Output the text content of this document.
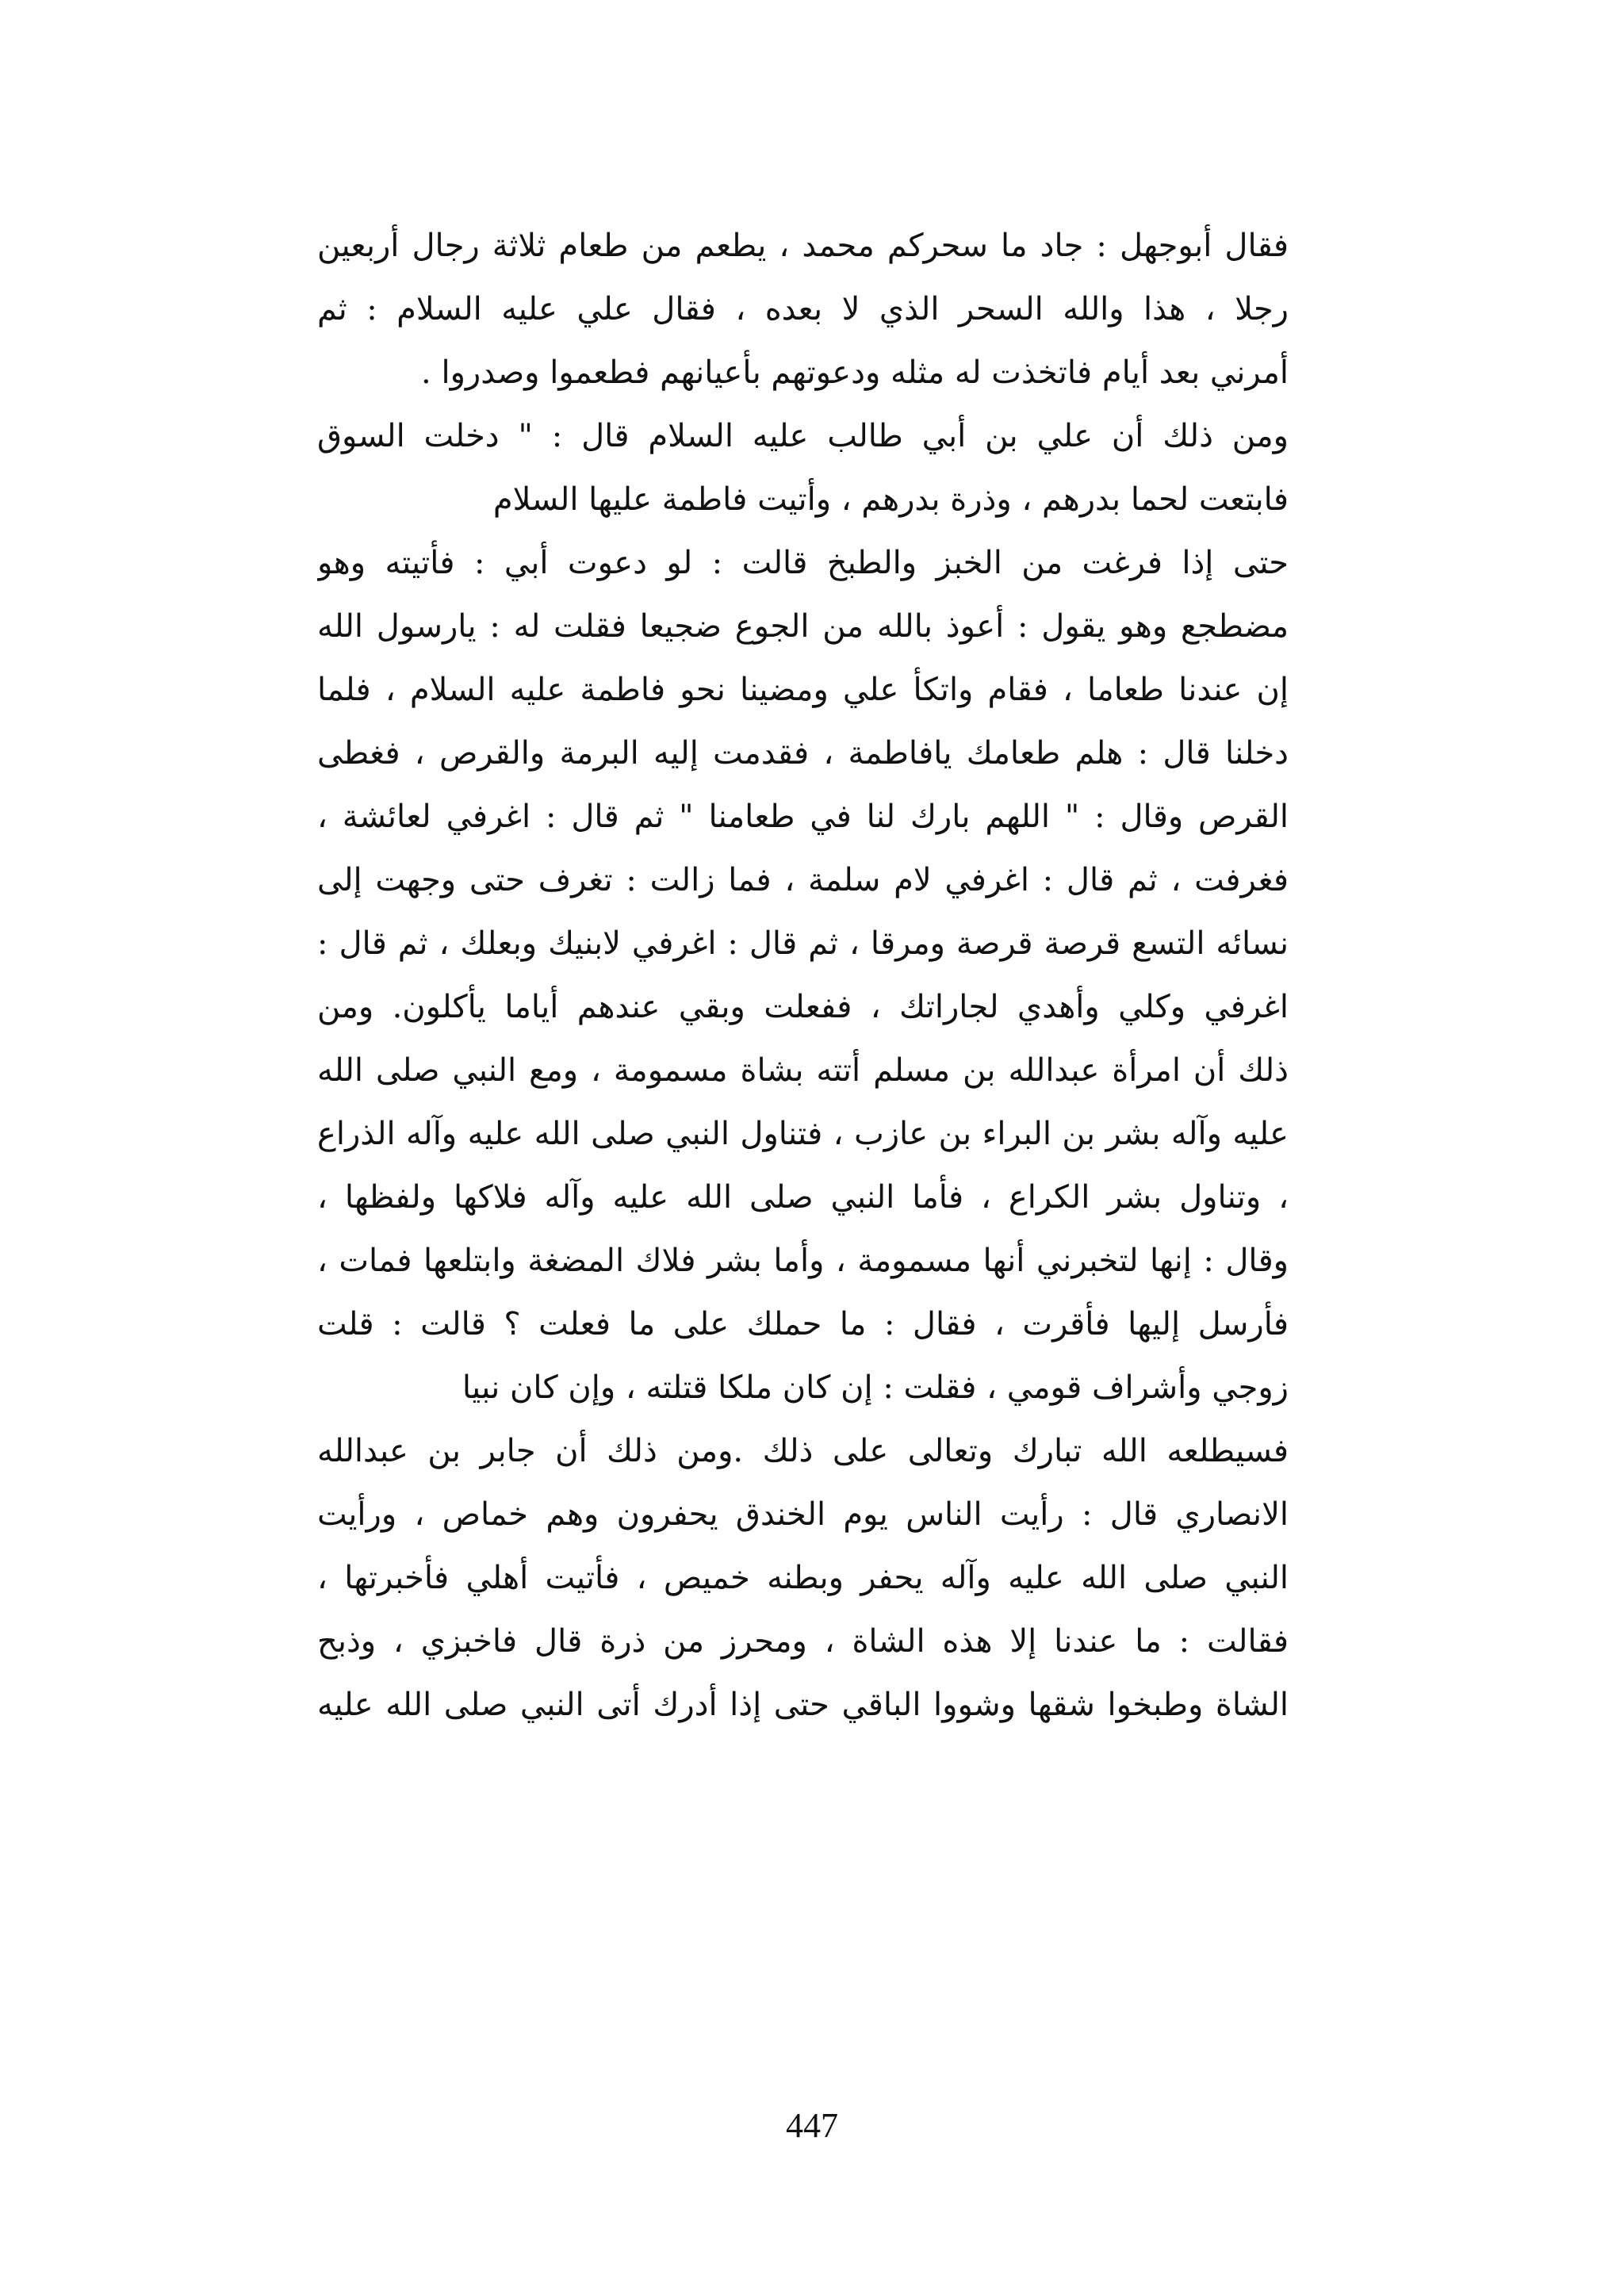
فقال أبوجهل : جاد ما سحركم محمد ، يطعم من طعام ثلاثة رجال أربعين
رجلا ، هذا والله السحر الذي لا بعده ، فقال علي عليه السلام : ثم
أمرني بعد أيام فاتخذت له مثله ودعوتهم بأعيانهم فطعموا وصدروا .
ومن ذلك أن علي بن أبي طالب عليه السلام قال : " دخلت السوق
فابتعت لحما بدرهم ، وذرة بدرهم ، وأتيت فاطمة عليها السلام
حتى إذا فرغت من الخبز والطبخ قالت : لو دعوت أبي : فأتيته وهو
مضطجع وهو يقول : أعوذ بالله من الجوع ضجيعا فقلت له : يارسول الله
إن عندنا طعاما ، فقام واتكأ علي ومضينا نحو فاطمة عليه السلام ، فلما
دخلنا قال : هلم طعامك يافاطمة ، فقدمت إليه البرمة والقرص ، فغطى
القرص وقال : " اللهم بارك لنا في طعامنا " ثم قال : اغرفي لعائشة ،
فغرفت ، ثم قال : اغرفي لام سلمة ، فما زالت : تغرف حتى وجهت إلى
نسائه التسع قرصة قرصة ومرقا ، ثم قال : اغرفي لابنيك وبعلك ، ثم قال :
اغرفي وكلي وأهدي لجاراتك ، ففعلت وبقي عندهم أياما يأكلون. ومن
ذلك أن امرأة عبدالله بن مسلم أتته بشاة مسمومة ، ومع النبي صلى الله
عليه وآله بشر بن البراء بن عازب ، فتناول النبي صلى الله عليه وآله الذراع
، وتناول بشر الكراع ، فأما النبي صلى الله عليه وآله فلاكها ولفظها ،
وقال : إنها لتخبرني أنها مسمومة ، وأما بشر فلاك المضغة وابتلعها فمات ،
فأرسل إليها فأقرت ، فقال : ما حملك على ما فعلت ؟ قالت : قلت
زوجي وأشراف قومي ، فقلت : إن كان ملكا قتلته ، وإن كان نبيا
فسيطلعه الله تبارك وتعالى على ذلك .ومن ذلك أن جابر بن عبدالله
الانصاري قال : رأيت الناس يوم الخندق يحفرون وهم خماص ، ورأيت
النبي صلى الله عليه وآله يحفر وبطنه خميص ، فأتيت أهلي فأخبرتها ،
فقالت : ما عندنا إلا هذه الشاة ، ومحرز من ذرة قال فاخبزي ، وذبح
الشاة وطبخوا شقها وشووا الباقي حتى إذا أدرك أتى النبي صلى الله عليه
447
